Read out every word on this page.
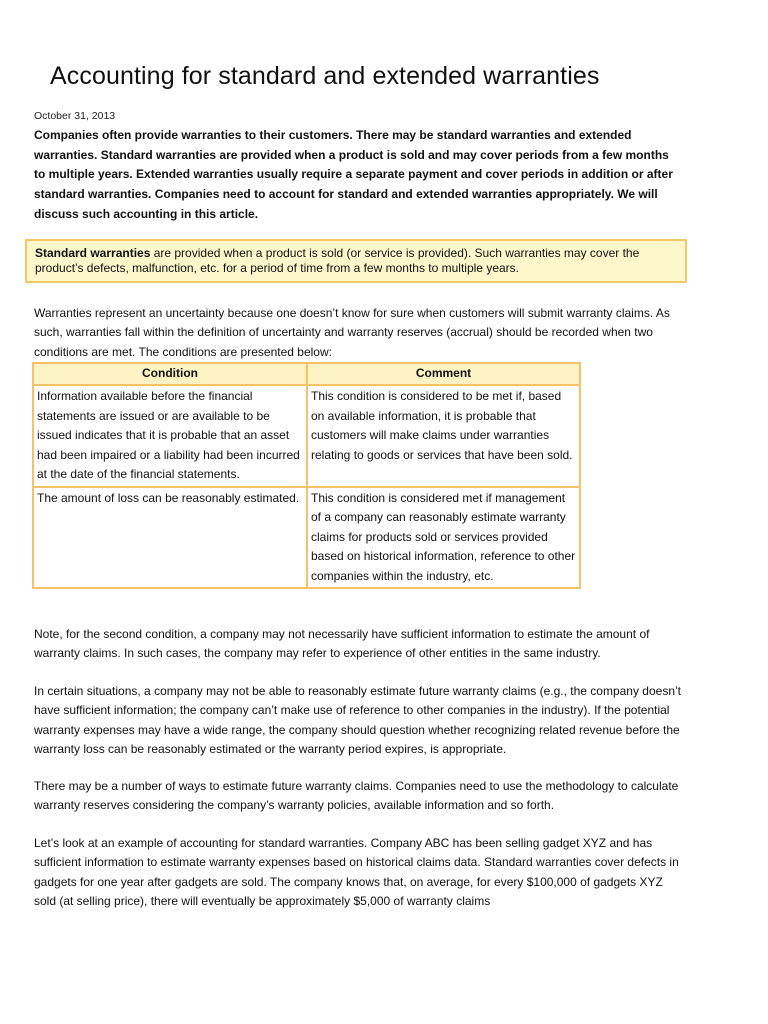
Accounting for standard and extended warranties
October 31, 2013
Companies often provide warranties to their customers. There may be standard warranties and extended warranties. Standard warranties are provided when a product is sold and may cover periods from a few months to multiple years. Extended warranties usually require a separate payment and cover periods in addition or after standard warranties. Companies need to account for standard and extended warranties appropriately. We will discuss such accounting in this article.
Standard warranties are provided when a product is sold (or service is provided). Such warranties may cover the product’s defects, malfunction, etc. for a period of time from a few months to multiple years.

Warranties represent an uncertainty because one doesn’t know for sure when customers will submit warranty claims. As such, warranties fall within the definition of uncertainty and warranty reserves (accrual) should be recorded when two conditions are met. The conditions are presented below:

Condition	Comment
Information available before the financial statements are issued or are available to be issued indicates that it is probable that an asset had been impaired or a liability had been incurred at the date of the financial statements.	This condition is considered to be met if, based on available information, it is probable that customers will make claims under warranties relating to goods or services that have been sold.
The amount of loss can be reasonably estimated.	This condition is considered met if management of a company can reasonably estimate warranty claims for products sold or services provided based on historical information, reference to other companies within the industry, etc.

Note, for the second condition, a company may not necessarily have sufficient information to estimate the amount of warranty claims. In such cases, the company may refer to experience of other entities in the same industry.

In certain situations, a company may not be able to reasonably estimate future warranty claims (e.g., the company doesn’t have sufficient information; the company can’t make use of reference to other companies in the industry). If the potential warranty expenses may have a wide range, the company should question whether recognizing related revenue before the warranty loss can be reasonably estimated or the warranty period expires, is appropriate.

There may be a number of ways to estimate future warranty claims. Companies need to use the methodology to calculate warranty reserves considering the company’s warranty policies, available information and so forth.

Let’s look at an example of accounting for standard warranties. Company ABC has been selling gadget XYZ and has sufficient information to estimate warranty expenses based on historical claims data. Standard warranties cover defects in gadgets for one year after gadgets are sold. The company knows that, on average, for every $100,000 of gadgets XYZ sold (at selling price), there will eventually be approximately $5,000 of warranty claims
